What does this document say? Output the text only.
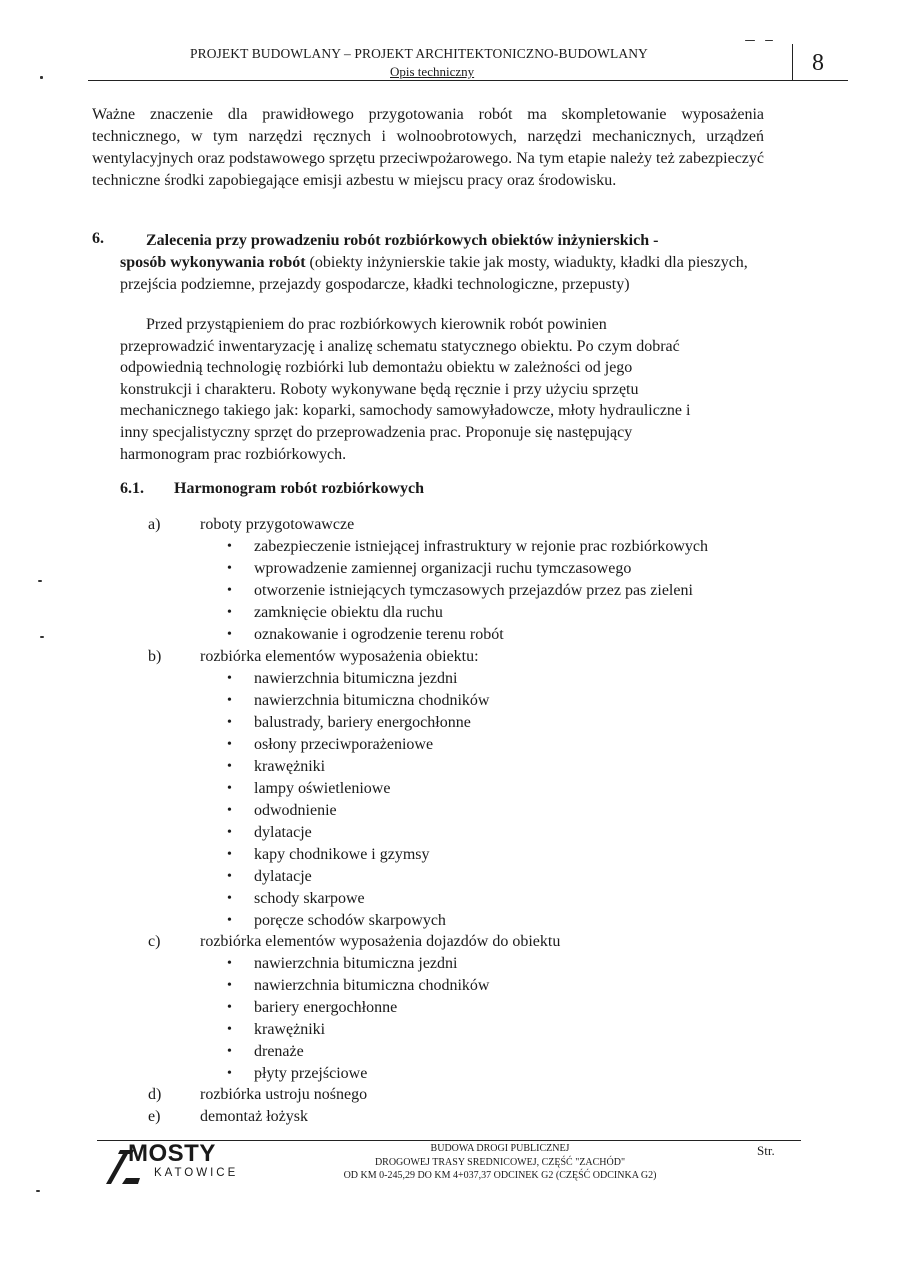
PROJEKT BUDOWLANY – PROJEKT ARCHITEKTONICZNO-BUDOWLANY
Opis techniczny	8
Ważne znaczenie dla prawidłowego przygotowania robót ma skompletowanie wyposażenia technicznego, w tym narzędzi ręcznych i wolnoobrotowych, narzędzi mechanicznych, urządzeń wentylacyjnych oraz podstawowego sprzętu przeciwpożarowego. Na tym etapie należy też zabezpieczyć techniczne środki zapobiegające emisji azbestu w miejscu pracy oraz środowisku.
6.	Zalecenia przy prowadzeniu robót rozbiórkowych obiektów inżynierskich -
sposób wykonywania robót (obiekty inżynierskie takie jak mosty, wiadukty, kładki dla pieszych, przejścia podziemne, przejazdy gospodarcze, kładki technologiczne, przepusty)
Przed przystąpieniem do prac rozbiórkowych kierownik robót powinien
przeprowadzić inwentaryzację i analizę schematu statycznego obiektu. Po czym dobrać
odpowiednią technologię rozbiórki lub demontażu obiektu w zależności od jego
konstrukcji i charakteru. Roboty wykonywane będą ręcznie i przy użyciu sprzętu
mechanicznego takiego jak: koparki, samochody samowyładowcze, młoty hydrauliczne i
inny specjalistyczny sprzęt do przeprowadzenia prac. Proponuje się następujący
harmonogram prac rozbiórkowych.
6.1. Harmonogram robót rozbiórkowych
a) roboty przygotowawcze
• zabezpieczenie istniejącej infrastruktury w rejonie prac rozbiórkowych
• wprowadzenie zamiennej organizacji ruchu tymczasowego
• otworzenie istniejących tymczasowych przejazdów przez pas zieleni
• zamknięcie obiektu dla ruchu
• oznakowanie i ogrodzenie terenu robót
b) rozbiórka elementów wyposażenia obiektu:
• nawierzchnia bitumiczna jezdni
• nawierzchnia bitumiczna chodników
• balustrady, bariery energochłonne
• osłony przeciwporażeniowe
• krawężniki
• lampy oświetleniowe
• odwodnienie
• dylatacje
• kapy chodnikowe i gzymsy
• dylatacje
• schody skarpowe
• poręcze schodów skarpowych
c) rozbiórka elementów wyposażenia dojazdów do obiektu
• nawierzchnia bitumiczna jezdni
• nawierzchnia bitumiczna chodników
• bariery energochłonne
• krawężniki
• drenaże
• płyty przejściowe
d) rozbiórka ustroju nośnego
e) demontaż łożysk
MOSTY
KATOWICE
BUDOWA DROGI PUBLICZNEJ
DROGOWEJ TRASY SREDNICOWEJ, CZĘŚĆ "ZACHÓD"
OD KM 0-245,29 DO KM 4+037,37 ODCINEK G2 (CZĘŚĆ ODCINKA G2)
Str.
